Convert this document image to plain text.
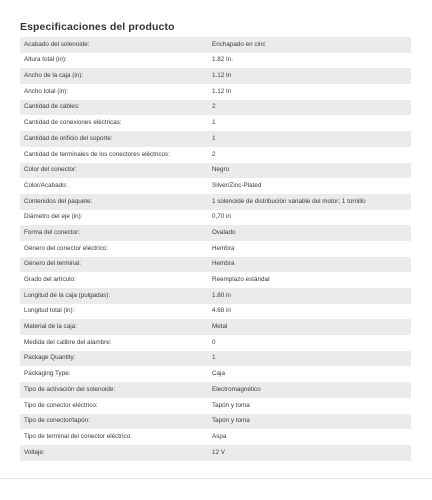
Especificaciones del producto
Acabado del solenoide:	Enchapado en cinc
Altura total (in):	1.82 In.
Ancho de la caja (in):	1.12 In
Ancho total (in):	1.12 In
Cantidad de cables:	2
Cantidad de conexiones eléctricas:	1
Cantidad de orificio del soporte:	1
Cantidad de terminales de los conectores eléctricos:	2
Color del conector:	Negro
Color/Acabado:	Silver/Zinc-Plated
Contenidos del paquete:	1 solenoide de distribución variable del motor; 1 tornillo
Diámetro del eje (in):	0,70 in
Forma del conector:	Ovalado
Género del conector eléctrico:	Hembra
Género del terminal:	Hembra
Grado del artículo:	Reemplazo estándar
Longitud de la caja (pulgadas):	1.80 in
Longitud total (in):	4.68 in
Material de la caja:	Metal
Medida del calibre del alambre:	0
Package Quantity:	1
Packaging Type:	Caja
Tipo de activación del solenoide:	Electromagnético
Tipo de conector eléctrico:	Tapón y toma
Tipo de conector/tapón:	Tapón y toma
Tipo de terminal del conector eléctrico:	Aspa
Voltaje:	12 V
